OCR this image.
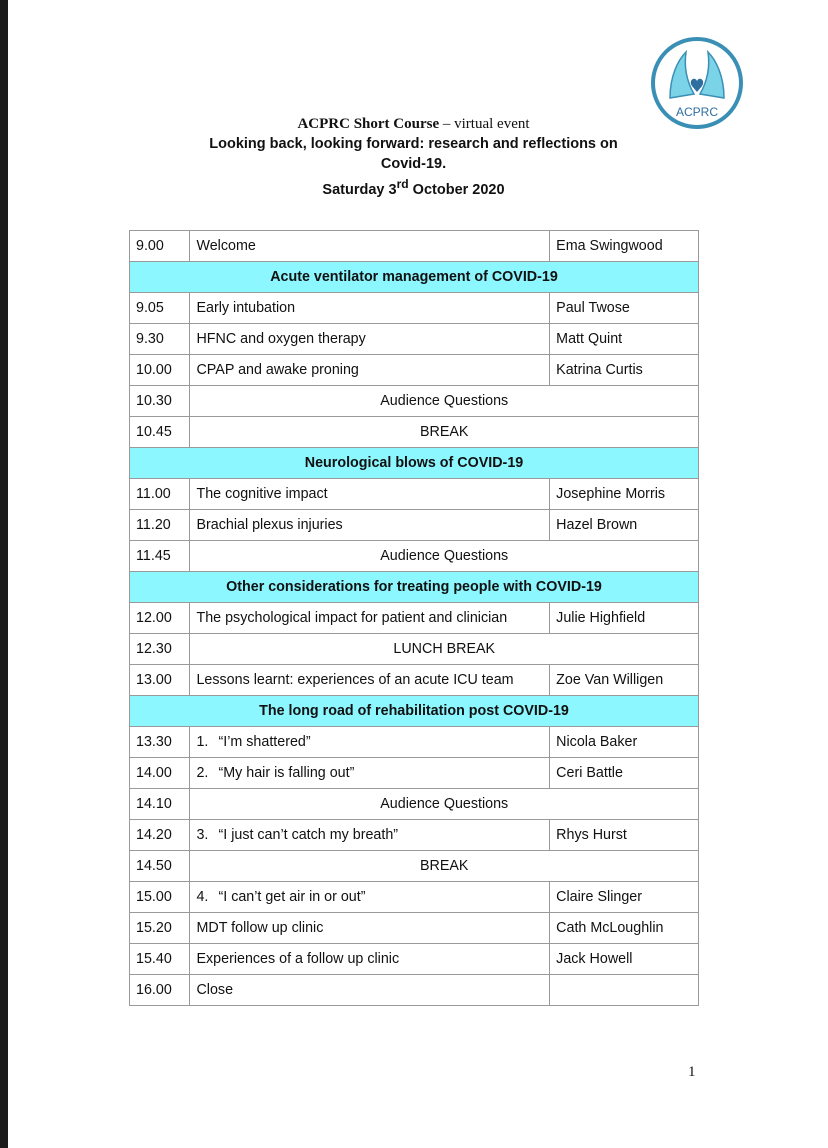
ACPRC
ACPRC Short Course – virtual event
Looking back, looking forward: research and reflections on
Covid-19.
Saturday 3rd October 2020
9.00	Welcome	Ema Swingwood
Acute ventilator management of COVID-19		
9.05	Early intubation	Paul Twose
9.30	HFNC and oxygen therapy	Matt Quint
10.00	CPAP and awake proning	Katrina Curtis
10.30	Audience Questions	
10.45	BREAK	
Neurological blows of COVID-19		
11.00	The cognitive impact	Josephine Morris
11.20	Brachial plexus injuries	Hazel Brown
11.45	Audience Questions	
Other considerations for treating people with COVID-19		
12.00	The psychological impact for patient and clinician	Julie Highfield
12.30	LUNCH BREAK	
13.00	Lessons learnt: experiences of an acute ICU team	Zoe Van Willigen
The long road of rehabilitation post COVID-19		
13.30	1. “I’m shattered”	Nicola Baker
14.00	2. “My hair is falling out”	Ceri Battle
14.10	Audience Questions	
14.20	3. “I just can’t catch my breath”	Rhys Hurst
14.50	BREAK	
15.00	4. “I can’t get air in or out”	Claire Slinger
15.20	MDT follow up clinic	Cath McLoughlin
15.40	Experiences of a follow up clinic	Jack Howell
16.00	Close	
1
